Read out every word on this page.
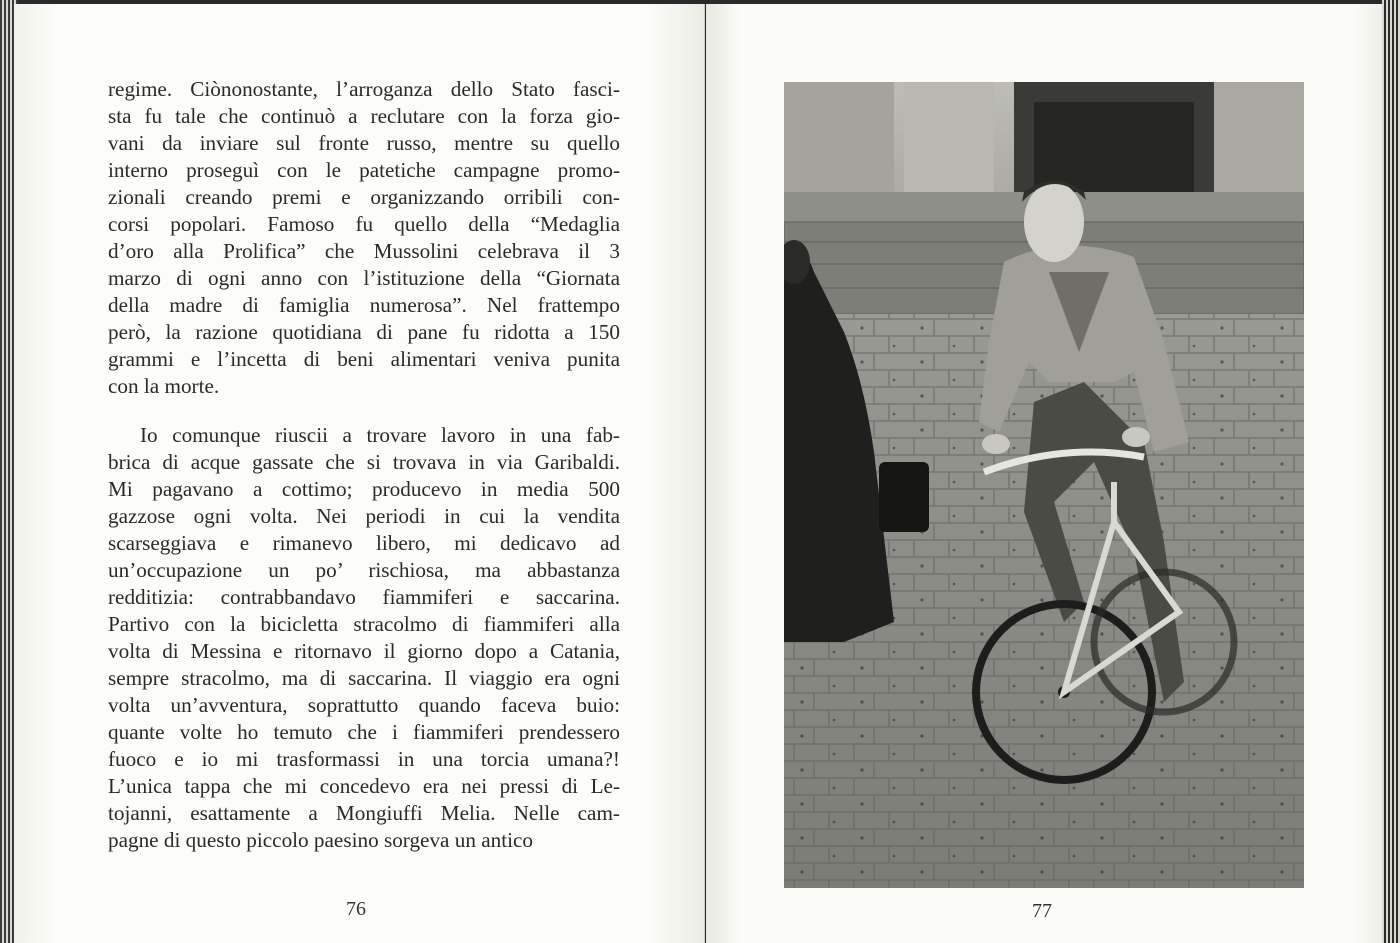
regime. Ciònonostante, l’arroganza dello Stato fasci-
sta fu tale che continuò a reclutare con la forza gio-
vani da inviare sul fronte russo, mentre su quello
interno proseguì con le patetiche campagne promo-
zionali creando premi e organizzando orribili con-
corsi popolari. Famoso fu quello della “Medaglia
d’oro alla Prolifica” che Mussolini celebrava il 3
marzo di ogni anno con l’istituzione della “Giornata
della madre di famiglia numerosa”. Nel frattempo
però, la razione quotidiana di pane fu ridotta a 150
grammi e l’incetta di beni alimentari veniva punita
con la morte.
Io comunque riuscii a trovare lavoro in una fab-
brica di acque gassate che si trovava in via Garibaldi.
Mi pagavano a cottimo; producevo in media 500
gazzose ogni volta. Nei periodi in cui la vendita
scarseggiava e rimanevo libero, mi dedicavo ad
un’occupazione un po’ rischiosa, ma abbastanza
redditizia: contrabbandavo fiammiferi e saccarina.
Partivo con la bicicletta stracolmo di fiammiferi alla
volta di Messina e ritornavo il giorno dopo a Catania,
sempre stracolmo, ma di saccarina. Il viaggio era ogni
volta un’avventura, soprattutto quando faceva buio:
quante volte ho temuto che i fiammiferi prendessero
fuoco e io mi trasformassi in una torcia umana?!
L’unica tappa che mi concedevo era nei pressi di Le-
tojanni, esattamente a Mongiuffi Melia. Nelle cam-
pagne di questo piccolo paesino sorgeva un antico
76	77
